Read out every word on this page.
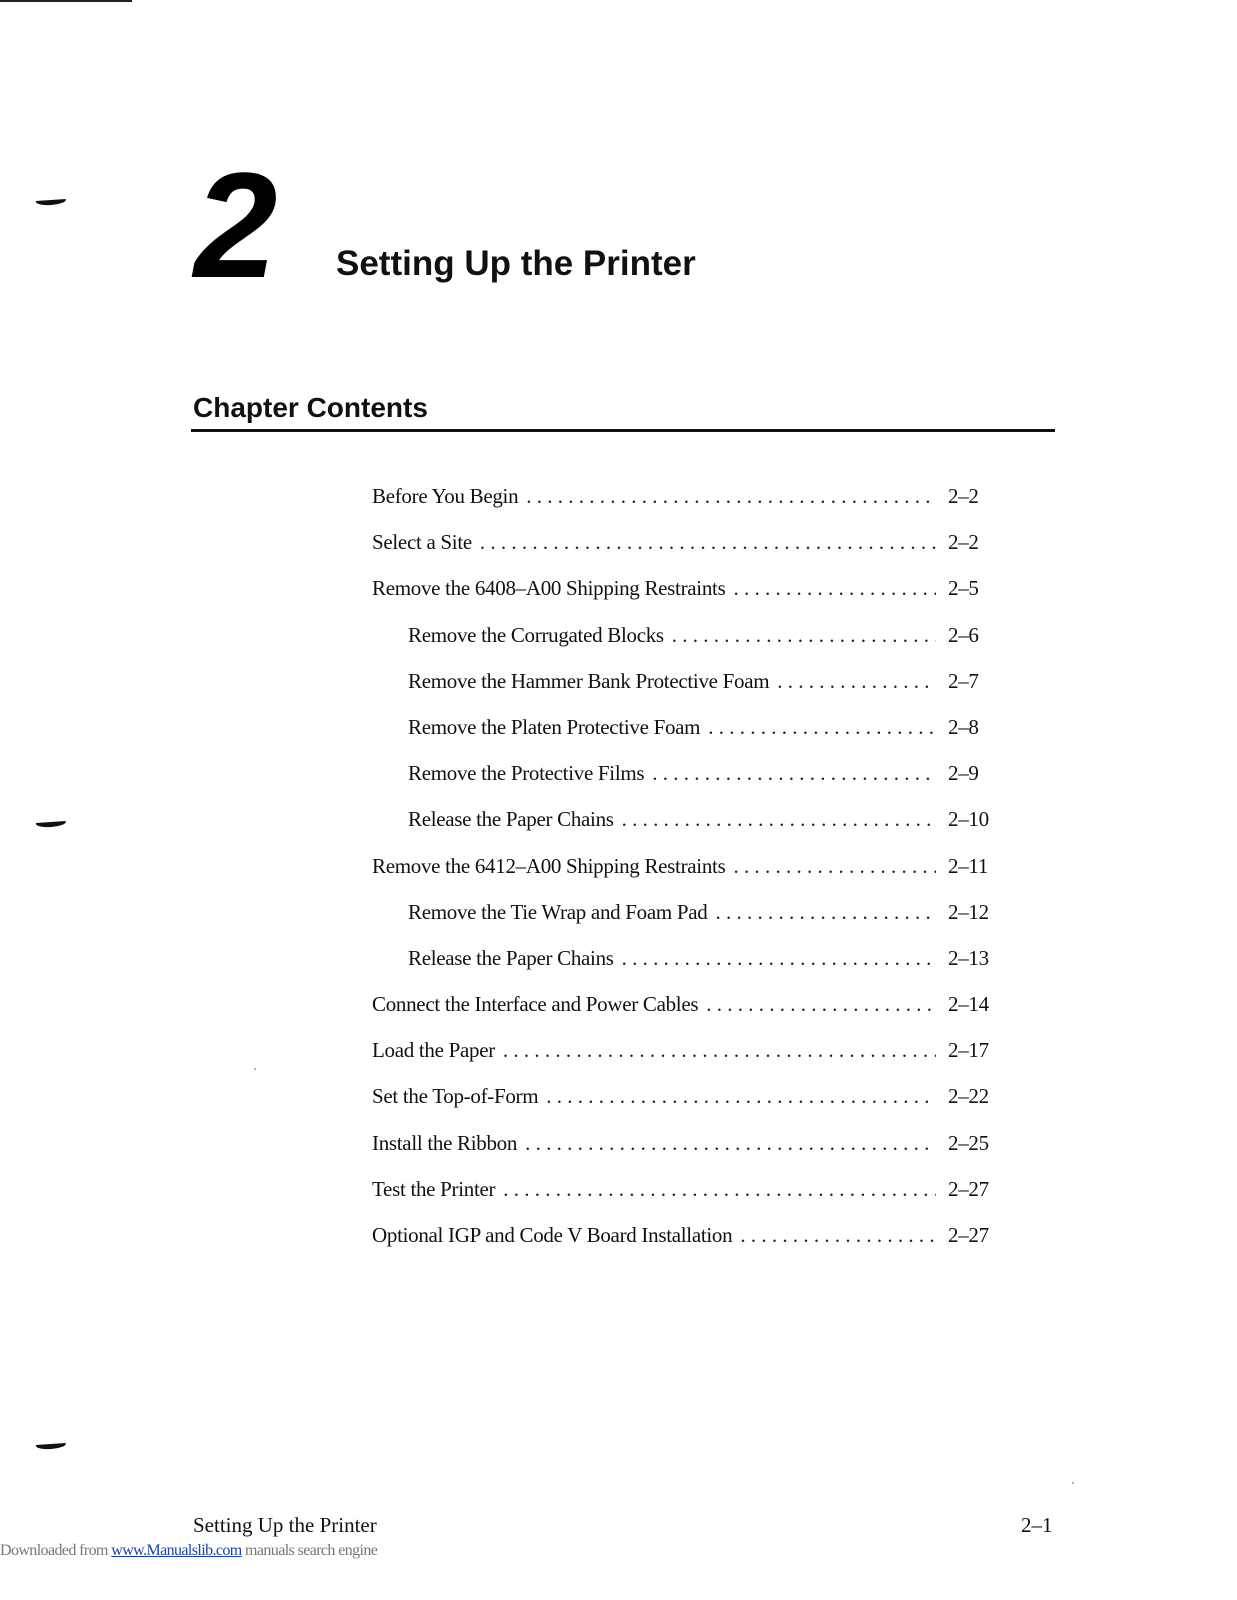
2 Setting Up the Printer
Chapter Contents
Before You Begin . . .	2–2
Select a Site . . .	2–2
Remove the 6408–A00 Shipping Restraints . . .	2–5
Remove the Corrugated Blocks . . .	2–6
Remove the Hammer Bank Protective Foam . . .	2–7
Remove the Platen Protective Foam . . .	2–8
Remove the Protective Films . . .	2–9
Release the Paper Chains . . .	2–10
Remove the 6412–A00 Shipping Restraints . . .	2–11
Remove the Tie Wrap and Foam Pad . . .	2–12
Release the Paper Chains . . .	2–13
Connect the Interface and Power Cables . . .	2–14
Load the Paper . . .	2–17
Set the Top-of-Form . . .	2–22
Install the Ribbon . . .	2–25
Test the Printer . . .	2–27
Optional IGP and Code V Board Installation . . .	2–27
Setting Up the Printer	2–1
Downloaded from www.Manualslib.com manuals search engine
